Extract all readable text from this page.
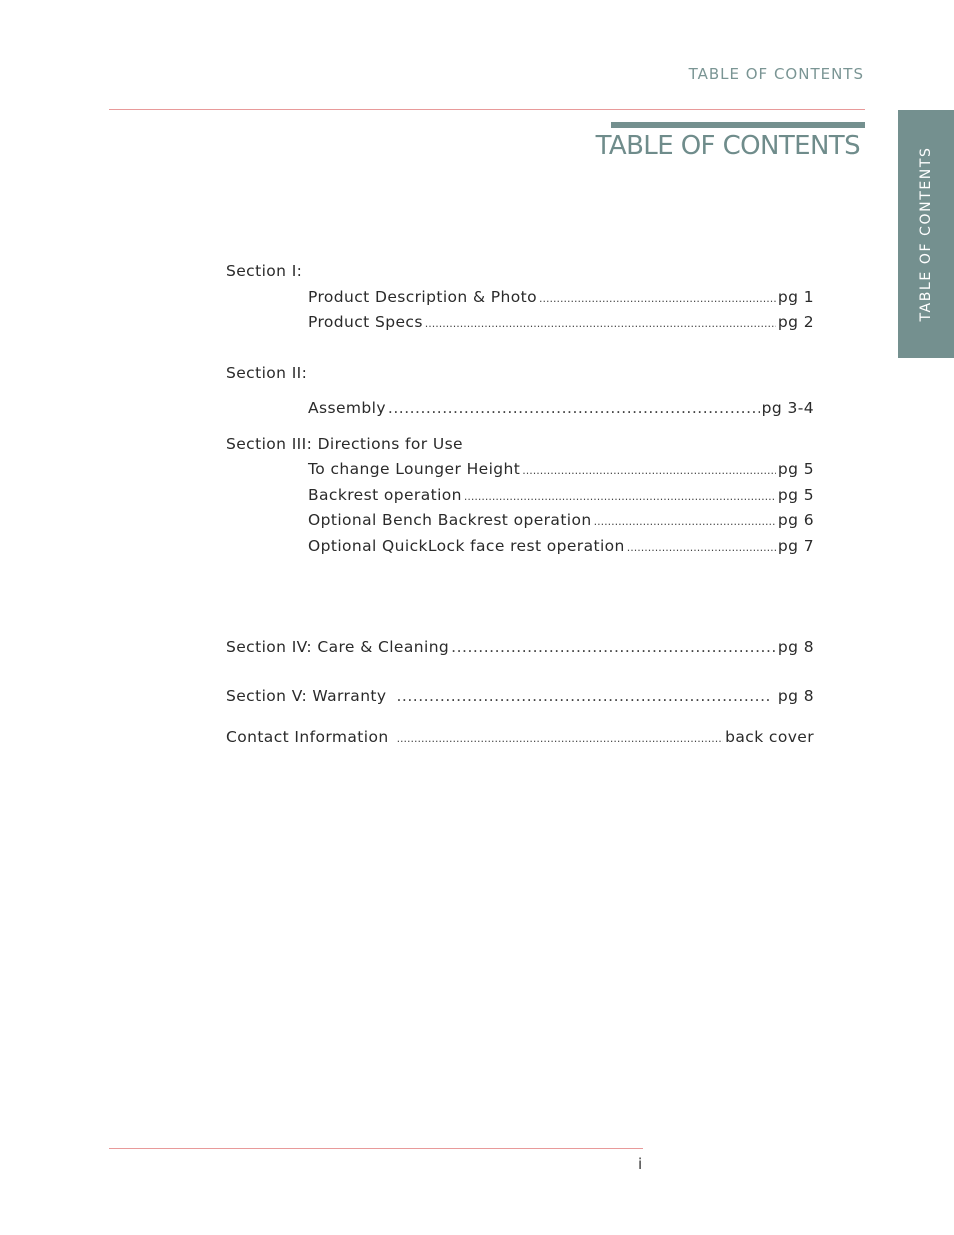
TABLE OF CONTENTS
TABLE OF CONTENTS
TABLE OF CONTENTS
Section I:
Product Description & Photo .....	pg 1
Product Specs .....	pg 2
Section II:
Assembly .....	pg 3-4
Section III: Directions for Use
To change Lounger Height .....	pg 5
Backrest operation .....	pg 5
Optional Bench Backrest operation .....	pg 6
Optional QuickLock face rest operation .....	pg 7
Section IV: Care & Cleaning .....	pg 8
Section V: Warranty .....	pg 8
Contact Information .....	back cover
i
